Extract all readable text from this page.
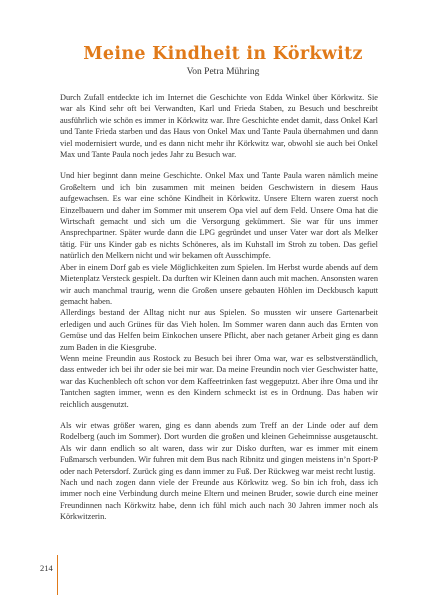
Meine Kindheit in Körkwitz
Von Petra Mühring

Durch Zufall entdeckte ich im Internet die Geschichte von Edda Winkel über Körkwitz. Sie war als Kind sehr oft bei Verwandten, Karl und Frieda Staben, zu Besuch und beschreibt ausführlich wie schön es immer in Körkwitz war. Ihre Geschichte endet damit, dass Onkel Karl und Tante Frieda starben und das Haus von Onkel Max und Tante Paula übernahmen und dann viel modernisiert wurde, und es dann nicht mehr ihr Körkwitz war, obwohl sie auch bei Onkel Max und Tante Paula noch jedes Jahr zu Besuch war.

Und hier beginnt dann meine Geschichte. Onkel Max und Tante Paula waren nämlich meine Großeltern und ich bin zusammen mit meinen beiden Geschwistern in diesem Haus aufgewachsen. Es war eine schöne Kindheit in Körkwitz. Unsere Eltern waren zuerst noch Einzelbauern und daher im Sommer mit unserem Opa viel auf dem Feld. Unsere Oma hat die Wirtschaft gemacht und sich um die Versorgung gekümmert. Sie war für uns immer Ansprechpartner. Später wurde dann die LPG gegründet und unser Vater war dort als Melker tätig. Für uns Kinder gab es nichts Schöneres, als im Kuhstall im Stroh zu toben. Das gefiel natürlich den Melkern nicht und wir bekamen oft Ausschimpfe.

Aber in einem Dorf gab es viele Möglichkeiten zum Spielen. Im Herbst wurde abends auf dem Mietenplatz Versteck gespielt. Da durften wir Kleinen dann auch mit machen. Ansonsten waren wir auch manchmal traurig, wenn die Großen unsere gebauten Höhlen im Deckbusch kaputt gemacht haben.

Allerdings bestand der Alltag nicht nur aus Spielen. So mussten wir unsere Gartenarbeit erledigen und auch Grünes für das Vieh holen. Im Sommer waren dann auch das Ernten von Gemüse und das Helfen beim Einkochen unsere Pflicht, aber nach getaner Arbeit ging es dann zum Baden in die Kiesgrube.

Wenn meine Freundin aus Rostock zu Besuch bei ihrer Oma war, war es selbstverständlich, dass entweder ich bei ihr oder sie bei mir war. Da meine Freundin noch vier Geschwister hatte, war das Kuchenblech oft schon vor dem Kaffeetrinken fast weggeputzt. Aber ihre Oma und ihr Tantchen sagten immer, wenn es den Kindern schmeckt ist es in Ordnung. Das haben wir reichlich ausgenutzt.

Als wir etwas größer waren, ging es dann abends zum Treff an der Linde oder auf dem Rodelberg (auch im Sommer). Dort wurden die großen und kleinen Geheimnisse ausgetauscht. Als wir dann endlich so alt waren, dass wir zur Disko durften, war es immer mit einem Fußmarsch verbunden. Wir fuhren mit dem Bus nach Ribnitz und gingen meistens in’n Sport-P oder nach Petersdorf. Zurück ging es dann immer zu Fuß. Der Rückweg war meist recht lustig.

Nach und nach zogen dann viele der Freunde aus Körkwitz weg. So bin ich froh, dass ich immer noch eine Verbindung durch meine Eltern und meinen Bruder, sowie durch eine meiner Freundinnen nach Körkwitz habe, denn ich fühl mich auch nach 30 Jahren immer noch als Körkwitzerin.

214
